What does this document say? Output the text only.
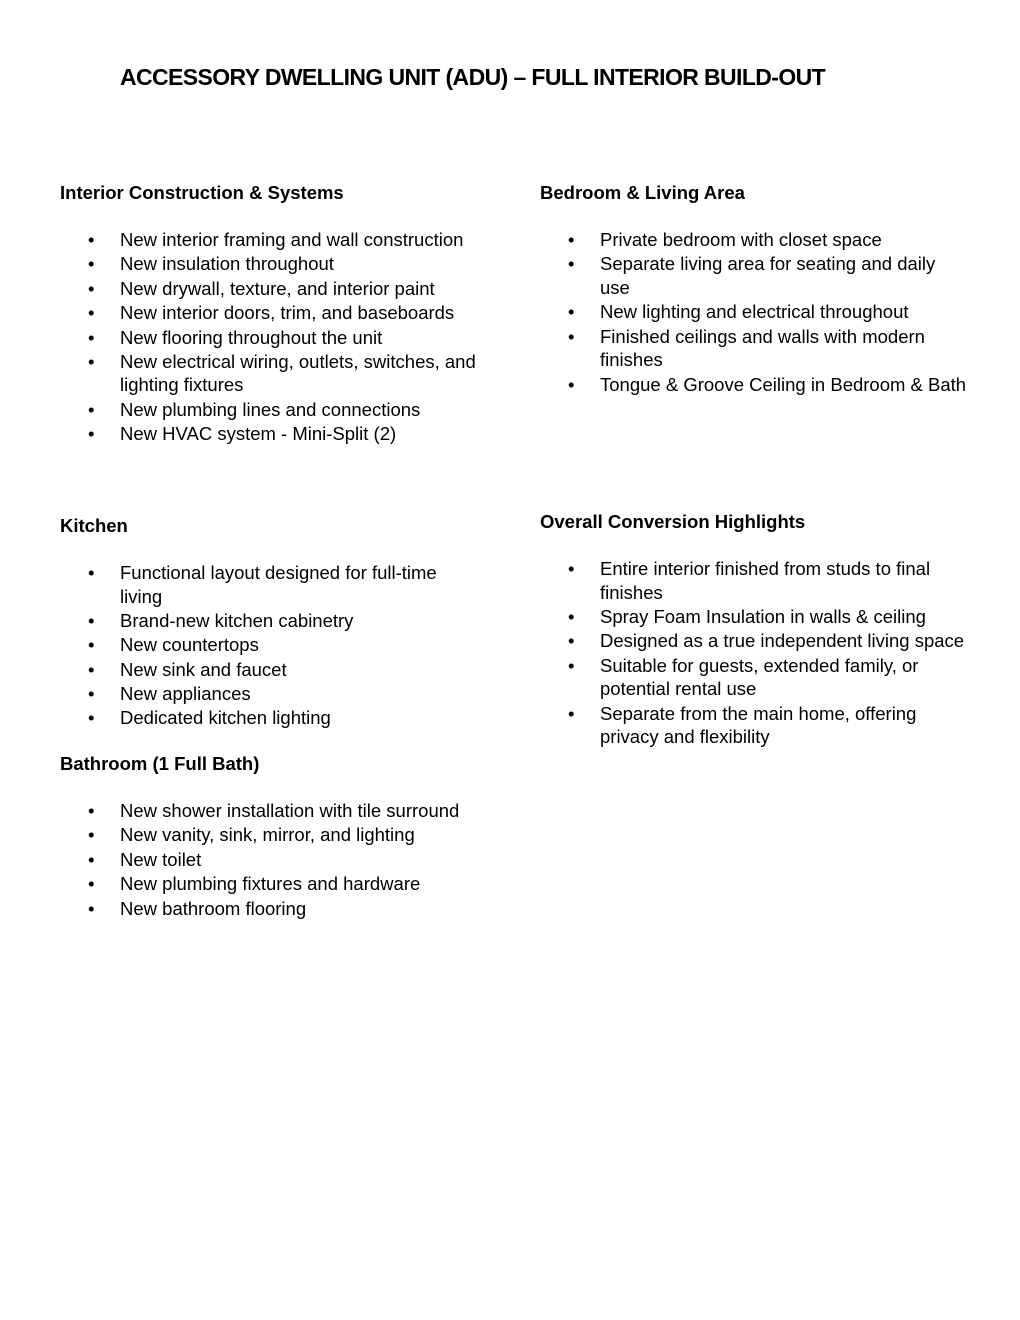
ACCESSORY DWELLING UNIT (ADU) – FULL INTERIOR BUILD-OUT
Interior Construction & Systems
• New interior framing and wall construction
• New insulation throughout
• New drywall, texture, and interior paint
• New interior doors, trim, and baseboards
• New flooring throughout the unit
• New electrical wiring, outlets, switches, and lighting fixtures
• New plumbing lines and connections
• New HVAC system - Mini-Split (2)
Kitchen
• Functional layout designed for full-time living
• Brand-new kitchen cabinetry
• New countertops
• New sink and faucet
• New appliances
• Dedicated kitchen lighting
Bathroom (1 Full Bath)
• New shower installation with tile surround
• New vanity, sink, mirror, and lighting
• New toilet
• New plumbing fixtures and hardware
• New bathroom flooring
Bedroom & Living Area
• Private bedroom with closet space
• Separate living area for seating and daily use
• New lighting and electrical throughout
• Finished ceilings and walls with modern finishes
• Tongue & Groove Ceiling in Bedroom & Bath
Overall Conversion Highlights
• Entire interior finished from studs to final finishes
• Spray Foam Insulation in walls & ceiling
• Designed as a true independent living space
• Suitable for guests, extended family, or potential rental use
• Separate from the main home, offering privacy and flexibility
